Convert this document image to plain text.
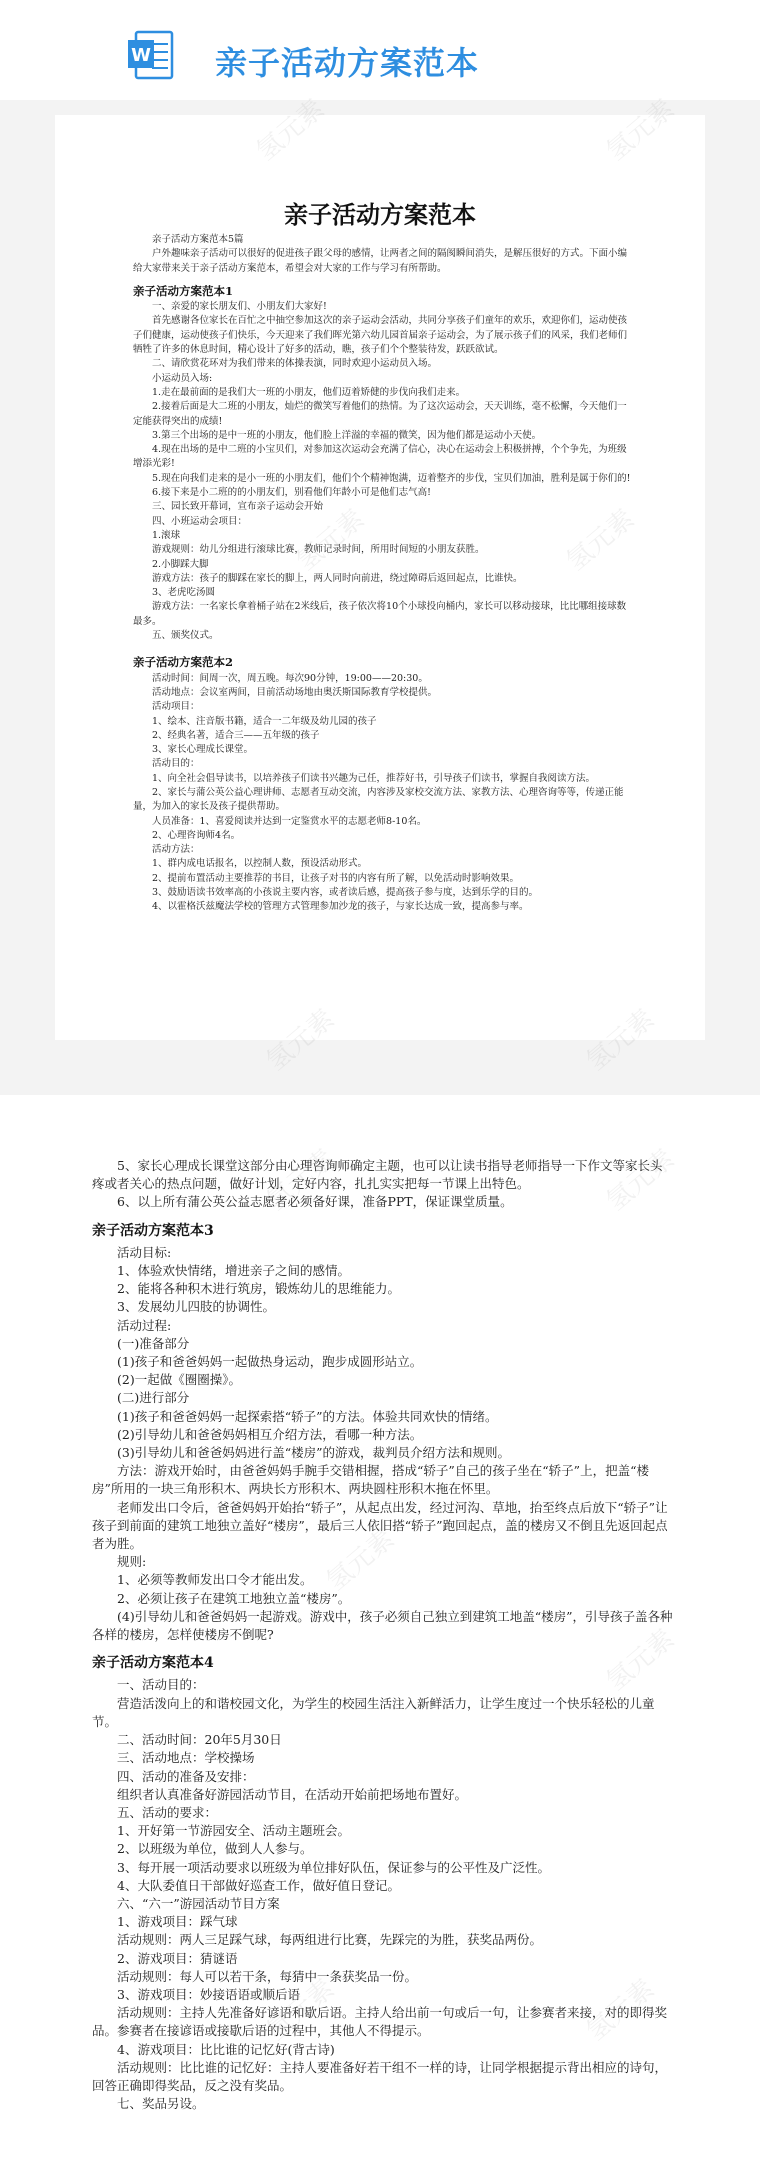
W 亲子活动方案范本
亲子活动方案范本

亲子活动方案范本5篇

户外趣味亲子活动可以很好的促进孩子跟父母的感情，让两者之间的隔阂瞬间消失，是解压很好的方式。下面小编给大家带来关于亲子活动方案范本，希望会对大家的工作与学习有所帮助。

亲子活动方案范本1

一、亲爱的家长朋友们、小朋友们大家好!

首先感谢各位家长在百忙之中抽空参加这次的亲子运动会活动，共同分享孩子们童年的欢乐，欢迎你们，运动使孩子们健康，运动使孩子们快乐，今天迎来了我们晖光第六幼儿园首届亲子运动会，为了展示孩子们的风采，我们老师们牺牲了许多的休息时间，精心设计了好多的活动，瞧，孩子们个个整装待发，跃跃欲试。

二、请欣赏花环对为我们带来的体操表演，同时欢迎小运动员入场。

小运动员入场:

1.走在最前面的是我们大一班的小朋友，他们迈着矫健的步伐向我们走来。

2.接着后面是大二班的小朋友，灿烂的微笑写着他们的热情。为了这次运动会，天天训练，毫不松懈，今天他们一定能获得突出的成绩!

3.第三个出场的是中一班的小朋友，他们脸上洋溢的幸福的微笑，因为他们都是运动小天使。

4.现在出场的是中二班的小宝贝们，对参加这次运动会充满了信心，决心在运动会上积极拼搏，个个争先，为班级增添光彩!

5.现在向我们走来的是小一班的小朋友们，他们个个精神饱满，迈着整齐的步伐，宝贝们加油，胜利是属于你们的!

6.接下来是小二班的的小朋友们，别看他们年龄小可是他们志气高!

三、园长致开幕词，宣布亲子运动会开始

四、小班运动会项目：

1.滚球

游戏规则：幼儿分组进行滚球比赛，教师记录时间，所用时间短的小朋友获胜。

2.小脚踩大脚

游戏方法：孩子的脚踩在家长的脚上，两人同时向前进，绕过障碍后返回起点，比谁快。

3、老虎吃汤圆

游戏方法：一名家长拿着桶子站在2米线后，孩子依次将10个小球投向桶内，家长可以移动接球，比比哪组接球数最多。

五、颁奖仪式。

亲子活动方案范本2

活动时间：间周一次，周五晚。每次90分钟，19:00——20:30。

活动地点：会议室两间，目前活动场地由奥沃斯国际教育学校提供。

活动项目：

1、绘本、注音版书籍，适合一二年级及幼儿园的孩子

2、经典名著，适合三——五年级的孩子

3、家长心理成长课堂。

活动目的：

1、向全社会倡导读书，以培养孩子们读书兴趣为己任，推荐好书，引导孩子们读书，掌握自我阅读方法。

2、家长与蒲公英公益心理讲师、志愿者互动交流，内容涉及家校交流方法、家教方法、心理咨询等等，传递正能量，为加入的家长及孩子提供帮助。

人员准备：1、喜爱阅读并达到一定鉴赏水平的志愿老师8-10名。

2、心理咨询师4名。

活动方法：

1、群内成电话报名，以控制人数，预设活动形式。

2、提前布置活动主要推荐的书目，让孩子对书的内容有所了解，以免活动时影响效果。

3、鼓励语读书效率高的小孩说主要内容，或者读后感，提高孩子参与度，达到乐学的目的。

4、以霍格沃兹魔法学校的管理方式管理参加沙龙的孩子，与家长达成一致，提高参与率。

5、家长心理成长课堂这部分由心理咨询师确定主题，也可以让读书指导老师指导一下作文等家长头疼或者关心的热点问题，做好计划，定好内容，扎扎实实把每一节课上出特色。

6、以上所有蒲公英公益志愿者必须备好课，准备PPT，保证课堂质量。

亲子活动方案范本3

活动目标:

1、体验欢快情绪，增进亲子之间的感情。

2、能将各种积木进行筑房，锻炼幼儿的思维能力。

3、发展幼儿四肢的协调性。

活动过程:

(一)准备部分

(1)孩子和爸爸妈妈一起做热身运动，跑步成圆形站立。

(2)一起做《圈圈操》。

(二)进行部分

(1)孩子和爸爸妈妈一起探索搭“轿子”的方法。体验共同欢快的情绪。

(2)引导幼儿和爸爸妈妈相互介绍方法，看哪一种方法。

(3)引导幼儿和爸爸妈妈进行盖“楼房”的游戏，裁判员介绍方法和规则。

方法：游戏开始时，由爸爸妈妈手腕手交错相握，搭成“轿子”自己的孩子坐在“轿子”上，把盖“楼房”所用的一块三角形积木、两块长方形积木、两块圆柱形积木拖在怀里。

老师发出口令后，爸爸妈妈开始抬“轿子”，从起点出发，经过河沟、草地，抬至终点后放下“轿子”让孩子到前面的建筑工地独立盖好“楼房”，最后三人依旧搭“轿子”跑回起点，盖的楼房又不倒且先返回起点者为胜。

规则:

1、必须等教师发出口令才能出发。

2、必须让孩子在建筑工地独立盖“楼房”。

(4)引导幼儿和爸爸妈妈一起游戏。游戏中，孩子必须自己独立到建筑工地盖“楼房”，引导孩子盖各种各样的楼房，怎样使楼房不倒呢?

亲子活动方案范本4

一、活动目的：

营造活泼向上的和谐校园文化，为学生的校园生活注入新鲜活力，让学生度过一个快乐轻松的儿童节。

二、活动时间：20年5月30日

三、活动地点：学校操场

四、活动的准备及安排：

组织者认真准备好游园活动节目，在活动开始前把场地布置好。

五、活动的要求：

1、开好第一节游园安全、活动主题班会。

2、以班级为单位，做到人人参与。

3、每开展一项活动要求以班级为单位排好队伍，保证参与的公平性及广泛性。

4、大队委值日干部做好巡查工作，做好值日登记。

六、“六一”游园活动节目方案

1、游戏项目：踩气球

活动规则：两人三足踩气球，每两组进行比赛，先踩完的为胜，获奖品两份。

2、游戏项目：猜谜语

活动规则：每人可以若干条，每猜中一条获奖品一份。

3、游戏项目：妙接语语或顺后语

活动规则：主持人先准备好谚语和歇后语。主持人给出前一句或后一句，让参赛者来接，对的即得奖品。参赛者在接谚语或接歇后语的过程中，其他人不得提示。

4、游戏项目：比比谁的记忆好(背古诗)

活动规则：比比谁的记忆好：主持人要准备好若干组不一样的诗，让同学根据提示背出相应的诗句，回答正确即得奖品，反之没有奖品。

七、奖品另设。
